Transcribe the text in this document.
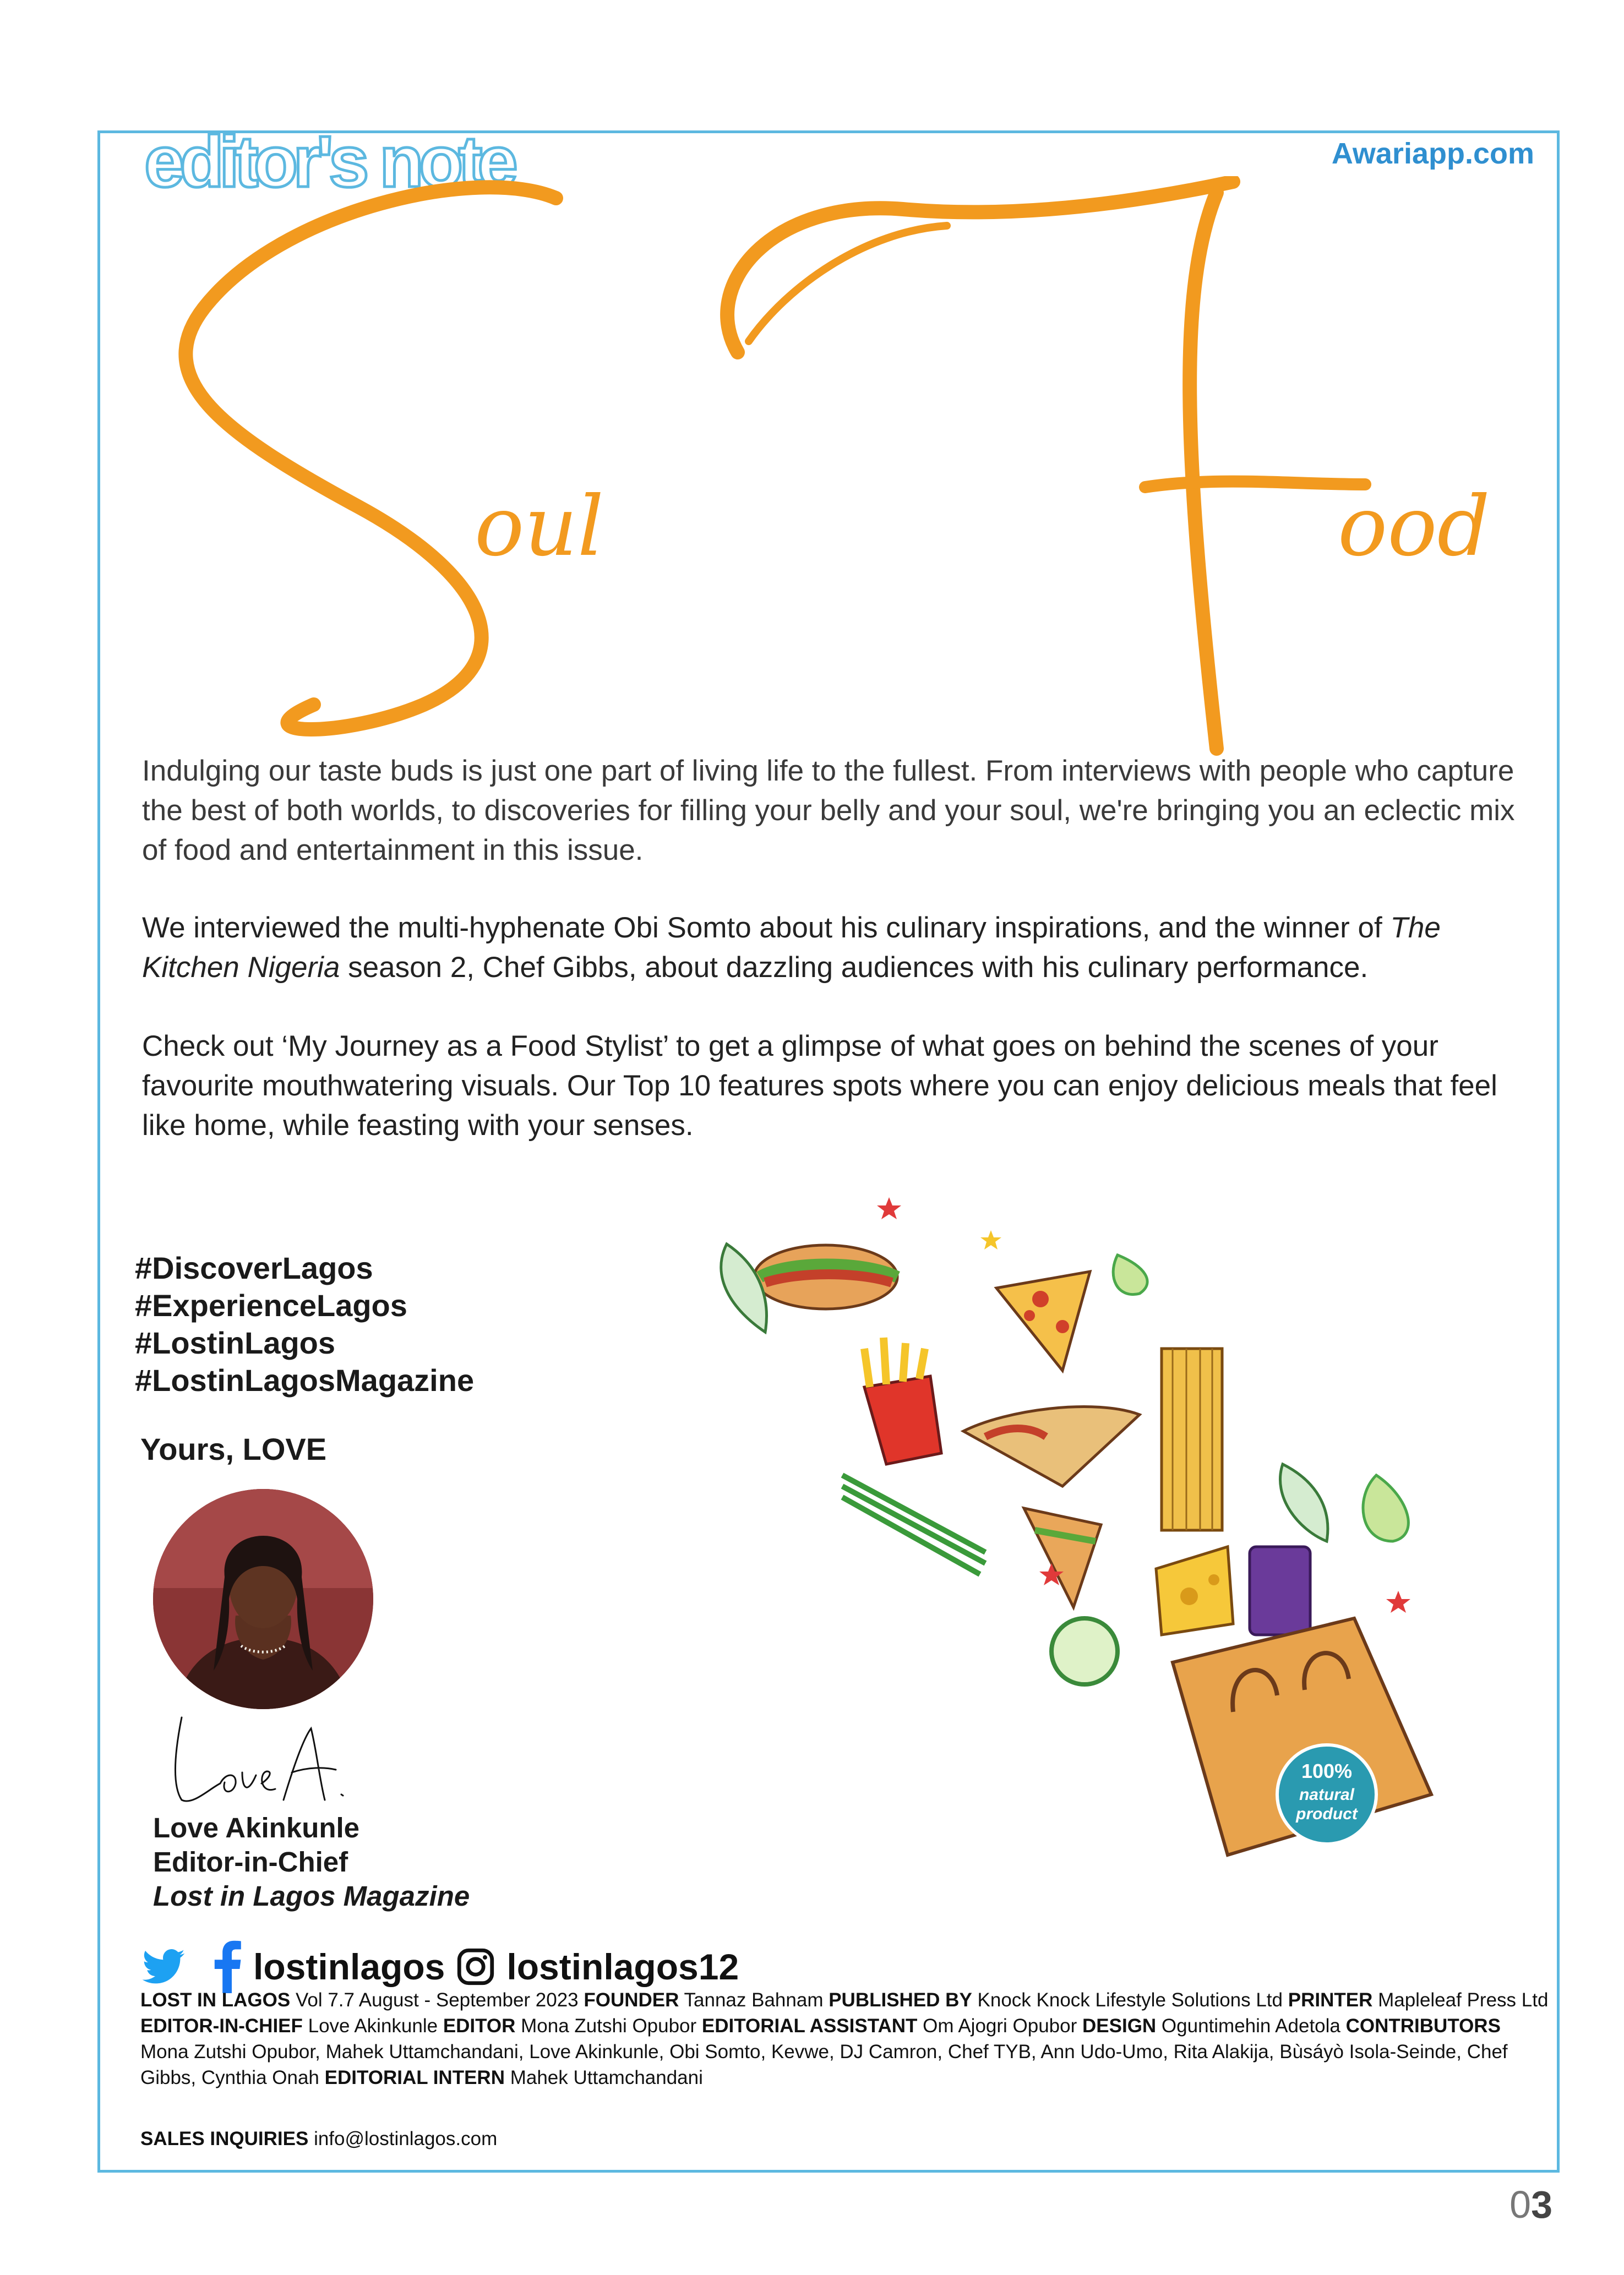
editor's note	Awariapp.com
oul	ood
Indulging our taste buds is just one part of living life to the fullest. From interviews with people who capture the best of both worlds, to discoveries for filling your belly and your soul, we're bringing you an eclectic mix of food and entertainment in this issue.
We interviewed the multi-hyphenate Obi Somto about his culinary inspirations, and the winner of The Kitchen Nigeria season 2, Chef Gibbs, about dazzling audiences with his culinary performance.
Check out ‘My Journey as a Food Stylist’ to get a glimpse of what goes on behind the scenes of your favourite mouthwatering visuals. Our Top 10 features spots where you can enjoy delicious meals that feel like home, while feasting with your senses.
#DiscoverLagos
#ExperienceLagos
#LostinLagos
#LostinLagosMagazine
Yours, LOVE
Love Akinkunle
Editor-in-Chief
Lost in Lagos Magazine
lostinlagos lostinlagos12
LOST IN LAGOS Vol 7.7 August - September 2023 FOUNDER Tannaz Bahnam PUBLISHED BY Knock Knock Lifestyle Solutions Ltd PRINTER Mapleleaf Press Ltd EDITOR-IN-CHIEF Love Akinkunle EDITOR Mona Zutshi Opubor EDITORIAL ASSISTANT Om Ajogri Opubor DESIGN Oguntimehin Adetola CONTRIBUTORS Mona Zutshi Opubor, Mahek Uttamchandani, Love Akinkunle, Obi Somto, Kevwe, DJ Camron, Chef TYB, Ann Udo-Umo, Rita Alakija, Bùsáyò Isola-Seinde, Chef Gibbs, Cynthia Onah EDITORIAL INTERN Mahek Uttamchandani
SALES INQUIRIES info@lostinlagos.com
03
100%
natural
product
